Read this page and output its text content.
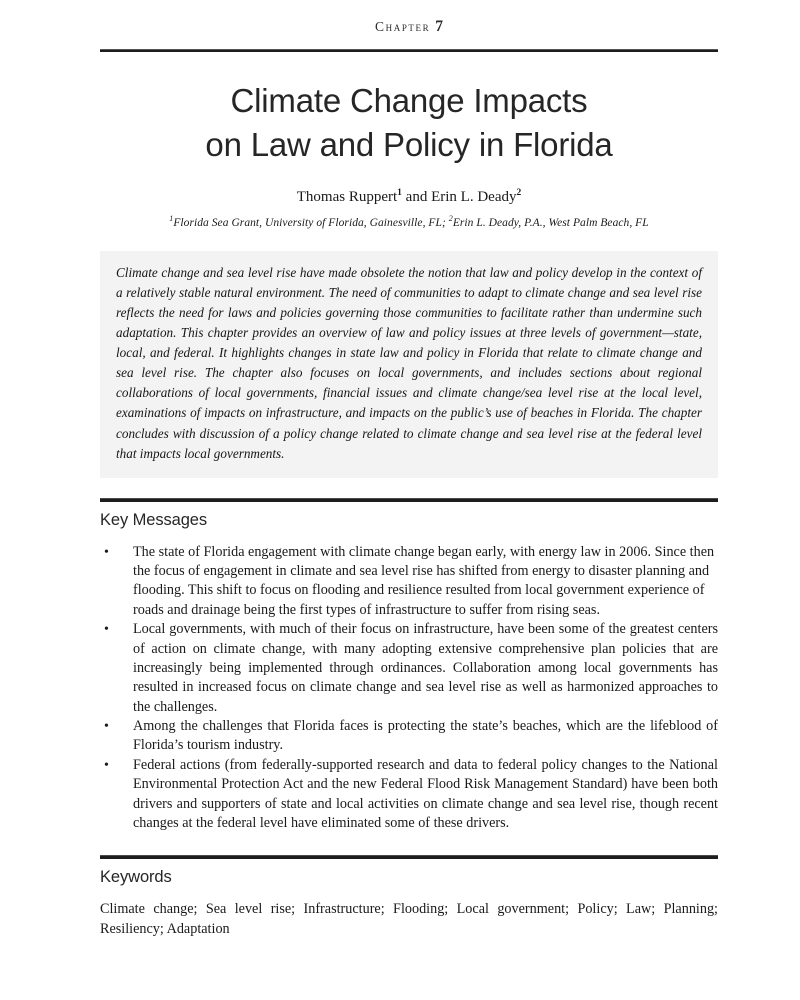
Chapter 7
Climate Change Impacts
on Law and Policy in Florida
Thomas Ruppert$^1$ and Erin L. Deady$^2$
$^1$Florida Sea Grant, University of Florida, Gainesville, FL; $^2$Erin L. Deady, P.A., West Palm Beach, FL

Climate change and sea level rise have made obsolete the notion that law and policy develop in the context of a relatively stable natural environment. The need of communities to adapt to climate change and sea level rise reflects the need for laws and policies governing those communities to facilitate rather than undermine such adaptation. This chapter provides an overview of law and policy issues at three levels of government—state, local, and federal. It highlights changes in state law and policy in Florida that relate to climate change and sea level rise. The chapter also focuses on local governments, and includes sections about regional collaborations of local governments, financial issues and climate change/sea level rise at the local level, examinations of impacts on infrastructure, and impacts on the public’s use of beaches in Florida. The chapter concludes with discussion of a policy change related to climate change and sea level rise at the federal level that impacts local governments.

Key Messages
• The state of Florida engagement with climate change began early, with energy law in 2006. Since then the focus of engagement in climate and sea level rise has shifted from energy to disaster planning and flooding. This shift to focus on flooding and resilience resulted from local government experience of roads and drainage being the first types of infrastructure to suffer from rising seas.
• Local governments, with much of their focus on infrastructure, have been some of the greatest centers of action on climate change, with many adopting extensive comprehensive plan policies that are increasingly being implemented through ordinances. Collaboration among local governments has resulted in increased focus on climate change and sea level rise as well as harmonized approaches to the challenges.
• Among the challenges that Florida faces is protecting the state’s beaches, which are the lifeblood of Florida’s tourism industry.
• Federal actions (from federally-supported research and data to federal policy changes to the National Environmental Protection Act and the new Federal Flood Risk Management Standard) have been both drivers and supporters of state and local activities on climate change and sea level rise, though recent changes at the federal level have eliminated some of these drivers.
Keywords
Climate change; Sea level rise; Infrastructure; Flooding; Local government; Policy; Law; Planning; Resiliency; Adaptation
